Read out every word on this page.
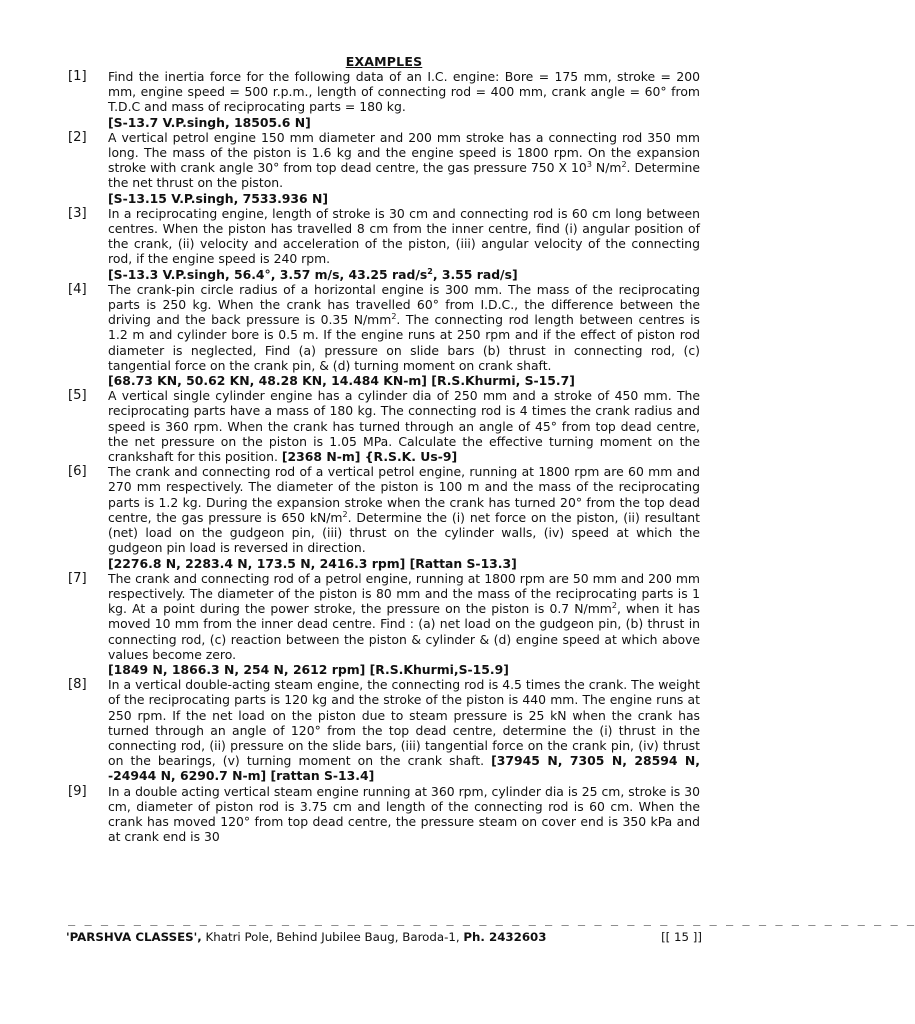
EXAMPLES
[1]	Find the inertia force for the following data of an I.C. engine: Bore = 175 mm, stroke = 200 mm, engine speed = 500 r.p.m., length of connecting rod = 400 mm, crank angle = 60° from T.D.C and mass of reciprocating parts = 180 kg.
[S-13.7 V.P.singh, 18505.6 N]
[2]	A vertical petrol engine 150 mm diameter and 200 mm stroke has a connecting rod 350 mm long. The mass of the piston is 1.6 kg and the engine speed is 1800 rpm. On the expansion stroke with crank angle 30° from top dead centre, the gas pressure 750 X $10^3$ $N/m^2$. Determine the net thrust on the piston.
[S-13.15 V.P.singh, 7533.936 N]
[3]	In a reciprocating engine, length of stroke is 30 cm and connecting rod is 60 cm long between centres. When the piston has travelled 8 cm from the inner centre, find (i) angular position of the crank, (ii) velocity and acceleration of the piston, (iii) angular velocity of the connecting rod, if the engine speed is 240 rpm.
[S-13.3 V.P.singh, 56.4°, 3.57 m/s, 43.25 rad/$s^2$, 3.55 rad/s]
[4]	The crank-pin circle radius of a horizontal engine is 300 mm. The mass of the reciprocating parts is 250 kg. When the crank has travelled 60° from I.D.C., the difference between the driving and the back pressure is 0.35 $N/mm^2$. The connecting rod length between centres is 1.2 m and cylinder bore is 0.5 m. If the engine runs at 250 rpm and if the effect of piston rod diameter is neglected, Find (a) pressure on slide bars (b) thrust in connecting rod, (c) tangential force on the crank pin, & (d) turning moment on crank shaft.
[68.73 KN, 50.62 KN, 48.28 KN, 14.484 KN-m] [R.S.Khurmi, S-15.7]
[5]	A vertical single cylinder engine has a cylinder dia of 250 mm and a stroke of 450 mm. The reciprocating parts have a mass of 180 kg. The connecting rod is 4 times the crank radius and speed is 360 rpm. When the crank has turned through an angle of 45° from top dead centre, the net pressure on the piston is 1.05 MPa. Calculate the effective turning moment on the crankshaft for this position. [2368 N-m] {R.S.K. Us-9]
[6]	The crank and connecting rod of a vertical petrol engine, running at 1800 rpm are 60 mm and 270 mm respectively. The diameter of the piston is 100 m and the mass of the reciprocating parts is 1.2 kg. During the expansion stroke when the crank has turned 20° from the top dead centre, the gas pressure is 650 $kN/m^2$. Determine the (i) net force on the piston, (ii) resultant (net) load on the gudgeon pin, (iii) thrust on the cylinder walls, (iv) speed at which the gudgeon pin load is reversed in direction.
[2276.8 N, 2283.4 N, 173.5 N, 2416.3 rpm] [Rattan S-13.3]
[7]	The crank and connecting rod of a petrol engine, running at 1800 rpm are 50 mm and 200 mm respectively. The diameter of the piston is 80 mm and the mass of the reciprocating parts is 1 kg. At a point during the power stroke, the pressure on the piston is 0.7 $N/mm^2$, when it has moved 10 mm from the inner dead centre. Find : (a) net load on the gudgeon pin, (b) thrust in connecting rod, (c) reaction between the piston & cylinder & (d) engine speed at which above values become zero.
[1849 N, 1866.3 N, 254 N, 2612 rpm] [R.S.Khurmi,S-15.9]
[8]	In a vertical double-acting steam engine, the connecting rod is 4.5 times the crank. The weight of the reciprocating parts is 120 kg and the stroke of the piston is 440 mm. The engine runs at 250 rpm. If the net load on the piston due to steam pressure is 25 kN when the crank has turned through an angle of 120° from the top dead centre, determine the (i) thrust in the connecting rod, (ii) pressure on the slide bars, (iii) tangential force on the crank pin, (iv) thrust on the bearings, (v) turning moment on the crank shaft. [37945 N, 7305 N, 28594 N, -24944 N, 6290.7 N-m] [rattan S-13.4]
[9]	In a double acting vertical steam engine running at 360 rpm, cylinder dia is 25 cm, stroke is 30 cm, diameter of piston rod is 3.75 cm and length of the connecting rod is 60 cm. When the crank has moved 120° from top dead centre, the pressure steam on cover end is 350 kPa and at crank end is 30
_ _ _ _ _ _ _ _ _ _ _ _ _ _ _ _ _ _ _ _ _ _ _ _ _ _ _ _ _ _ _ _ _ _ _ _ _ _ _ _ _ _ _ _ _ _ _ _ _ _ _ _
'PARSHVA CLASSES', Khatri Pole, Behind Jubilee Baug, Baroda-1, Ph. 2432603	[[ 15 ]]
